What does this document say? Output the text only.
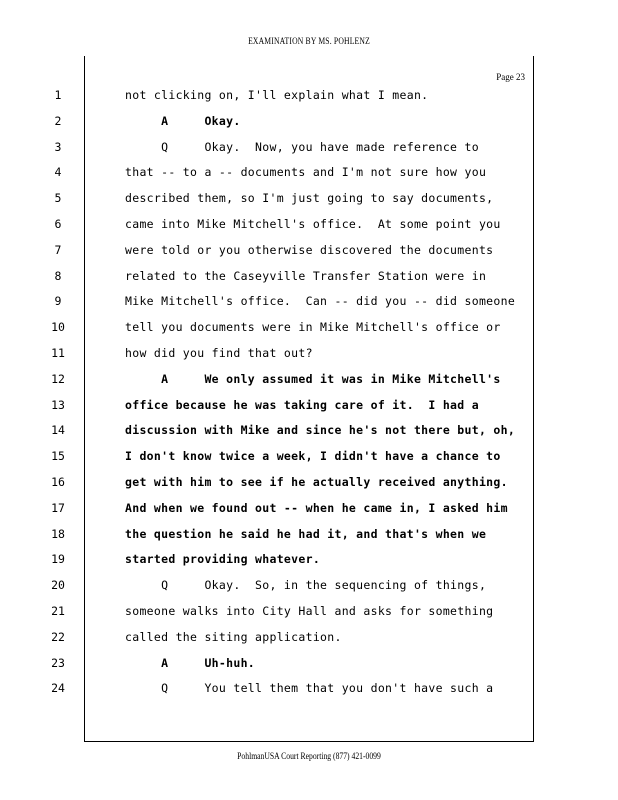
EXAMINATION BY MS. POHLENZ
Page 23
1	not clicking on, I'll explain what I mean.
2	A     Okay.
3	Q     Okay.  Now, you have made reference to
4	that -- to a -- documents and I'm not sure how you
5	described them, so I'm just going to say documents,
6	came into Mike Mitchell's office.  At some point you
7	were told or you otherwise discovered the documents
8	related to the Caseyville Transfer Station were in
9	Mike Mitchell's office.  Can -- did you -- did someone
10	tell you documents were in Mike Mitchell's office or
11	how did you find that out?
12	A     We only assumed it was in Mike Mitchell's
13	office because he was taking care of it.  I had a
14	discussion with Mike and since he's not there but, oh,
15	I don't know twice a week, I didn't have a chance to
16	get with him to see if he actually received anything.
17	And when we found out -- when he came in, I asked him
18	the question he said he had it, and that's when we
19	started providing whatever.
20	Q     Okay.  So, in the sequencing of things,
21	someone walks into City Hall and asks for something
22	called the siting application.
23	A     Uh-huh.
24	Q     You tell them that you don't have such a
PohlmanUSA Court Reporting (877) 421-0099
